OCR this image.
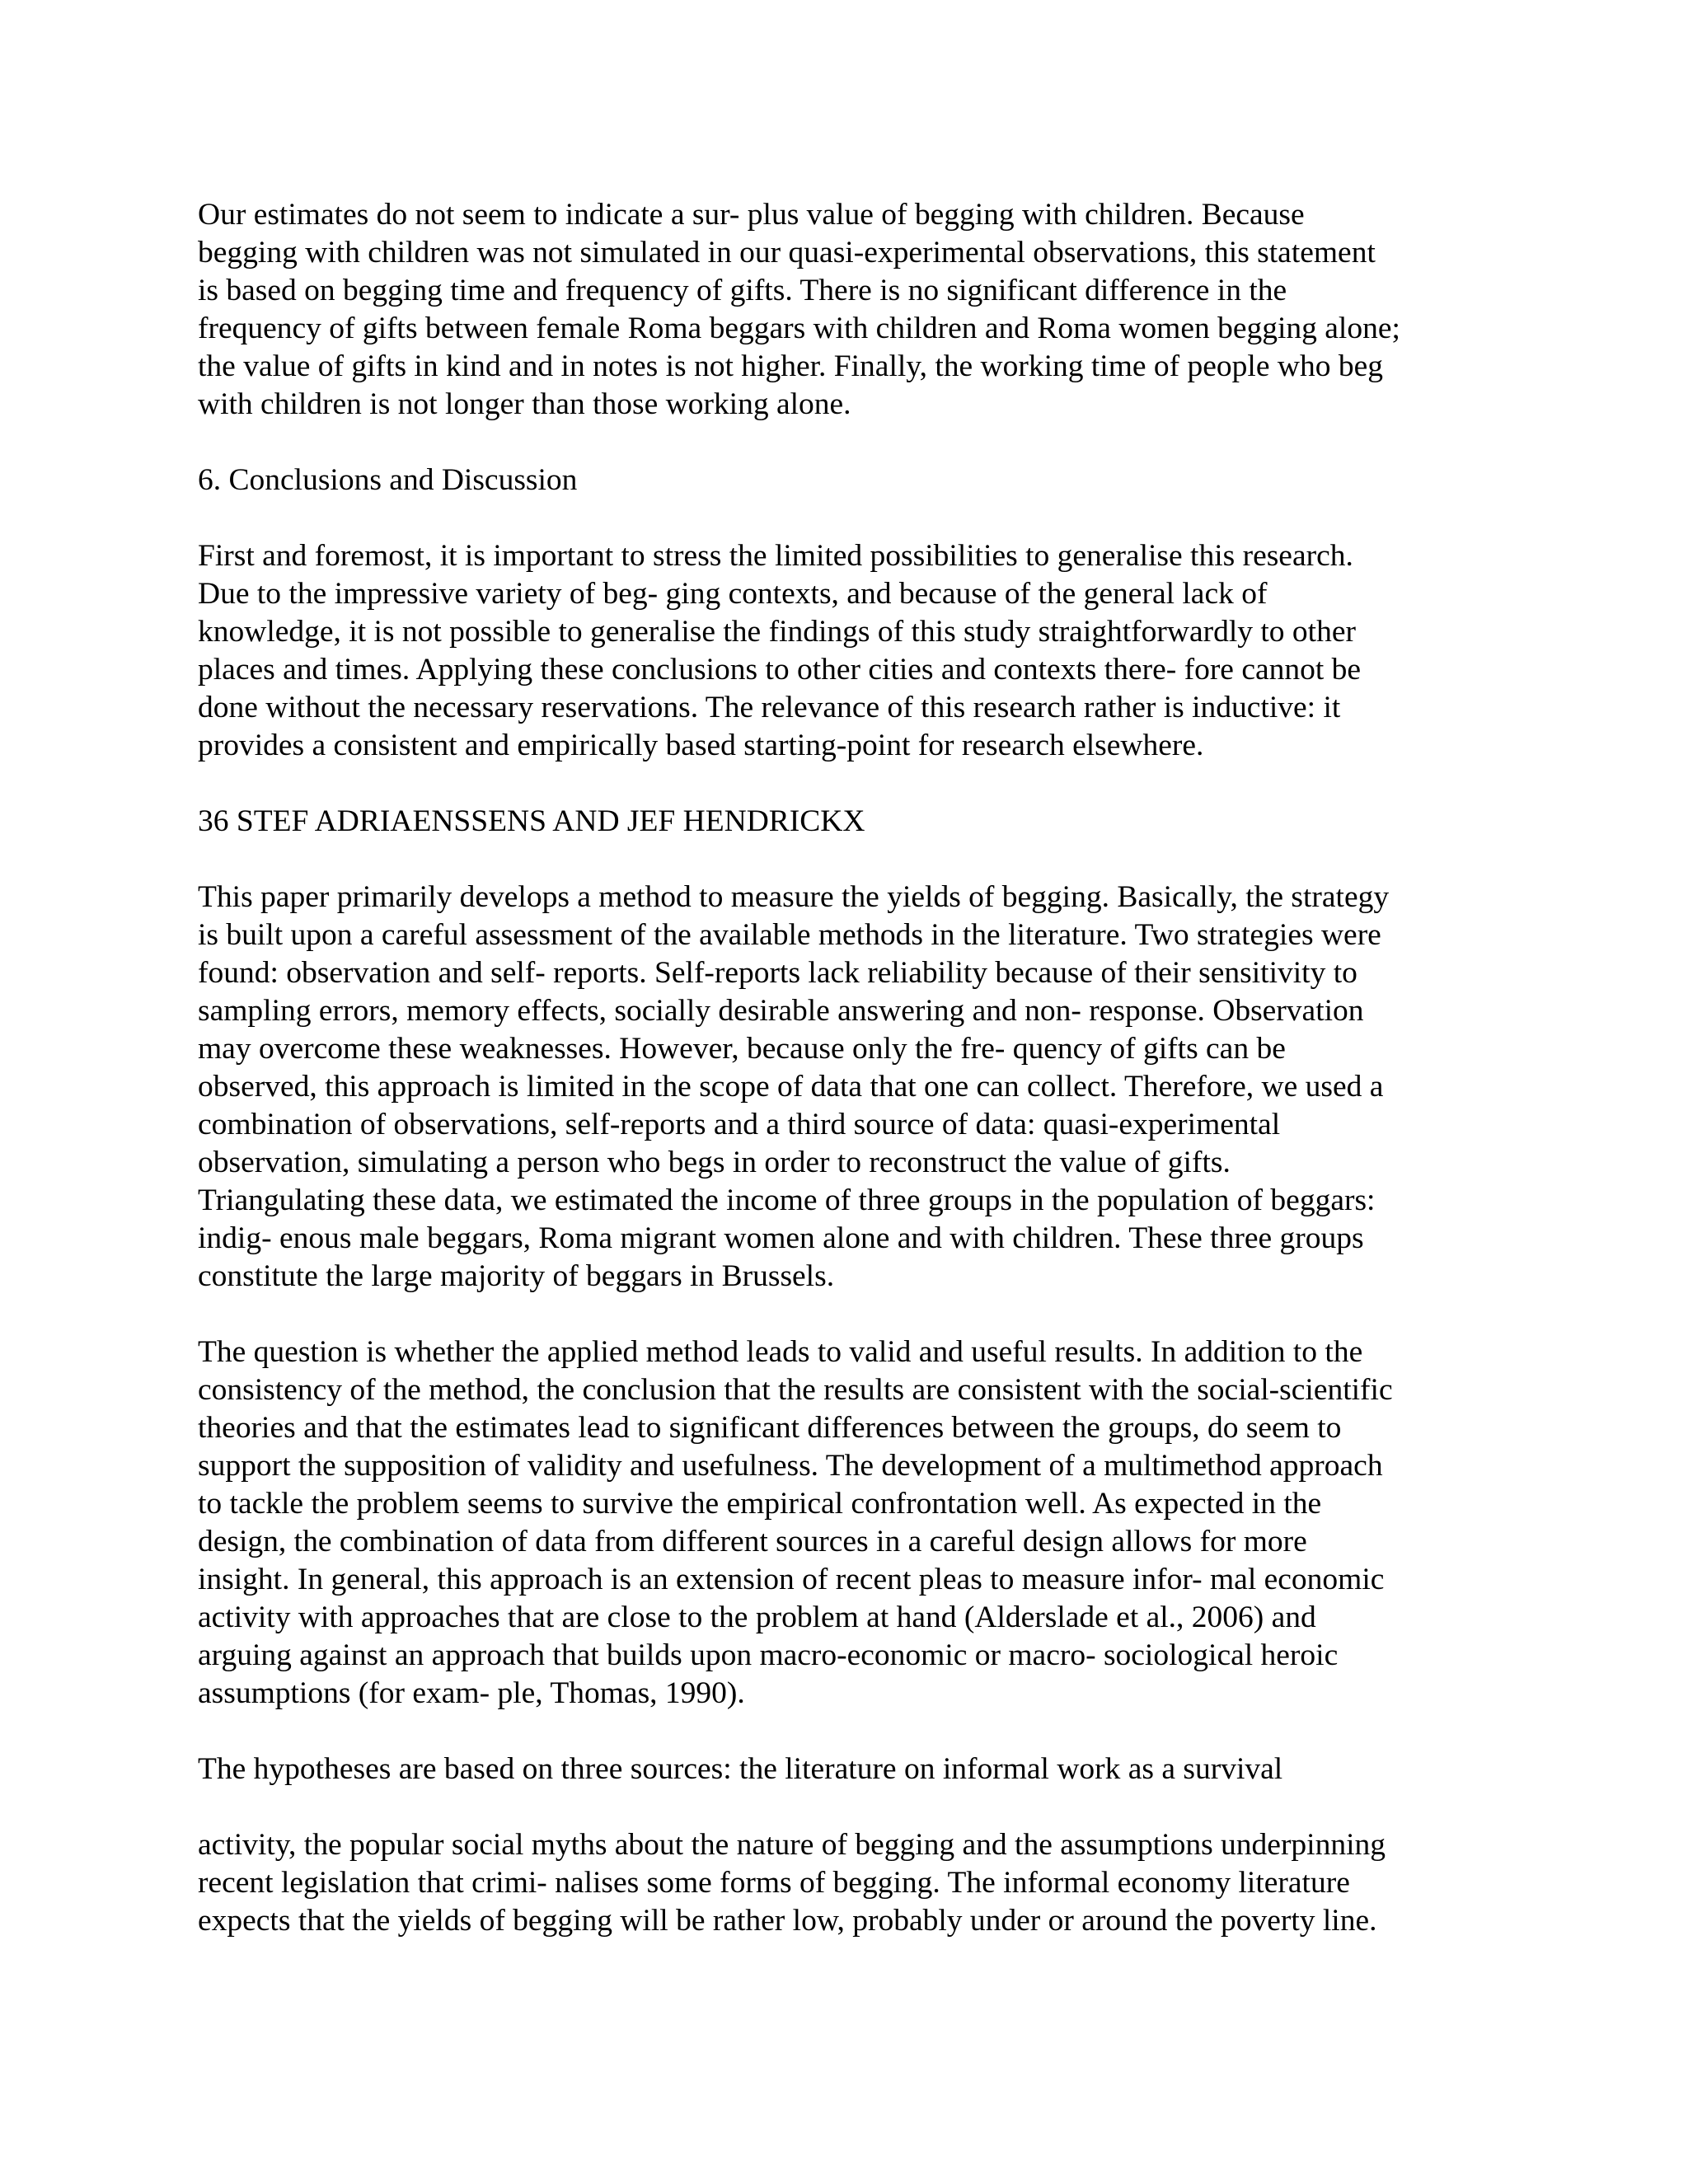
Our estimates do not seem to indicate a sur- plus value of begging with children. Because
begging with children was not simulated in our quasi-experimental observations, this statement
is based on begging time and frequency of gifts. There is no significant difference in the
frequency of gifts between female Roma beggars with children and Roma women begging alone;
the value of gifts in kind and in notes is not higher. Finally, the working time of people who beg
with children is not longer than those working alone.

6. Conclusions and Discussion

First and foremost, it is important to stress the limited possibilities to generalise this research.
Due to the impressive variety of beg- ging contexts, and because of the general lack of
knowledge, it is not possible to generalise the findings of this study straightforwardly to other
places and times. Applying these conclusions to other cities and contexts there- fore cannot be
done without the necessary reservations. The relevance of this research rather is inductive: it
provides a consistent and empirically based starting-point for research elsewhere.

36 STEF ADRIAENSSENS AND JEF HENDRICKX

This paper primarily develops a method to measure the yields of begging. Basically, the strategy
is built upon a careful assessment of the available methods in the literature. Two strategies were
found: observation and self- reports. Self-reports lack reliability because of their sensitivity to
sampling errors, memory effects, socially desirable answering and non- response. Observation
may overcome these weaknesses. However, because only the fre- quency of gifts can be
observed, this approach is limited in the scope of data that one can collect. Therefore, we used a
combination of observations, self-reports and a third source of data: quasi-experimental
observation, simulating a person who begs in order to reconstruct the value of gifts.
Triangulating these data, we estimated the income of three groups in the population of beggars:
indig- enous male beggars, Roma migrant women alone and with children. These three groups
constitute the large majority of beggars in Brussels.

The question is whether the applied method leads to valid and useful results. In addition to the
consistency of the method, the conclusion that the results are consistent with the social-scientific
theories and that the estimates lead to significant differences between the groups, do seem to
support the supposition of validity and usefulness. The development of a multimethod approach
to tackle the problem seems to survive the empirical confrontation well. As expected in the
design, the combination of data from different sources in a careful design allows for more
insight. In general, this approach is an extension of recent pleas to measure infor- mal economic
activity with approaches that are close to the problem at hand (Alderslade et al., 2006) and
arguing against an approach that builds upon macro-economic or macro- sociological heroic
assumptions (for exam- ple, Thomas, 1990).

The hypotheses are based on three sources: the literature on informal work as a survival

activity, the popular social myths about the nature of begging and the assumptions underpinning
recent legislation that crimi- nalises some forms of begging. The informal economy literature
expects that the yields of begging will be rather low, probably under or around the poverty line.
